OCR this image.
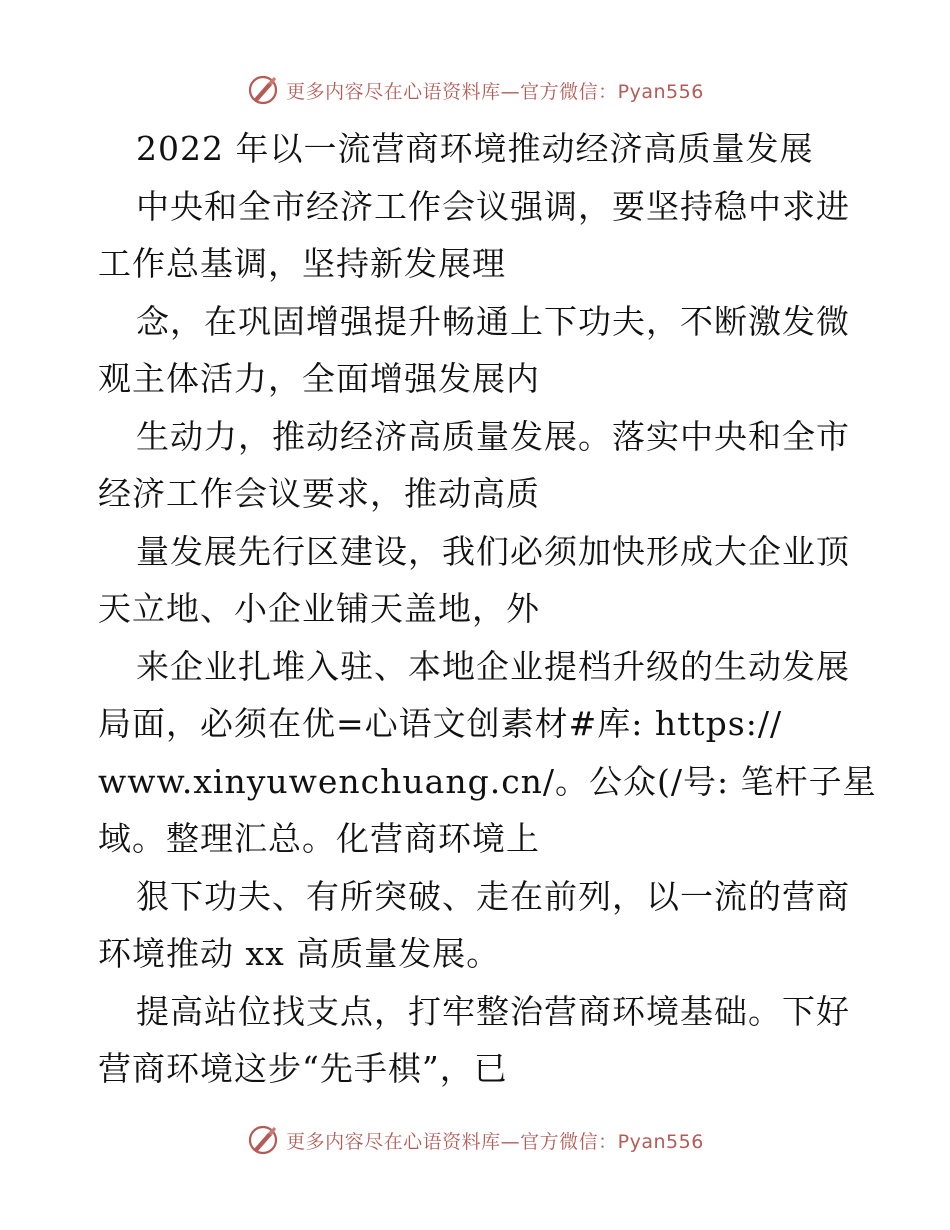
更多内容尽在心语资料库—官方微信：Pyan556
2022 年以一流营商环境推动经济高质量发展
中央和全市经济工作会议强调，要坚持稳中求进
工作总基调，坚持新发展理
念，在巩固增强提升畅通上下功夫，不断激发微
观主体活力，全面增强发展内
生动力，推动经济高质量发展。落实中央和全市
经济工作会议要求，推动高质
量发展先行区建设，我们必须加快形成大企业顶
天立地、小企业铺天盖地，外
来企业扎堆入驻、本地企业提档升级的生动发展
局面，必须在优=心语文创素材#库: https://
www.xinyuwenchuang.cn/。公众(/号: 笔杆子星
域。整理汇总。化营商环境上
狠下功夫、有所突破、走在前列，以一流的营商
环境推动 xx 高质量发展。
提高站位找支点，打牢整治营商环境基础。下好
营商环境这步“先手棋”，已
更多内容尽在心语资料库—官方微信：Pyan556
